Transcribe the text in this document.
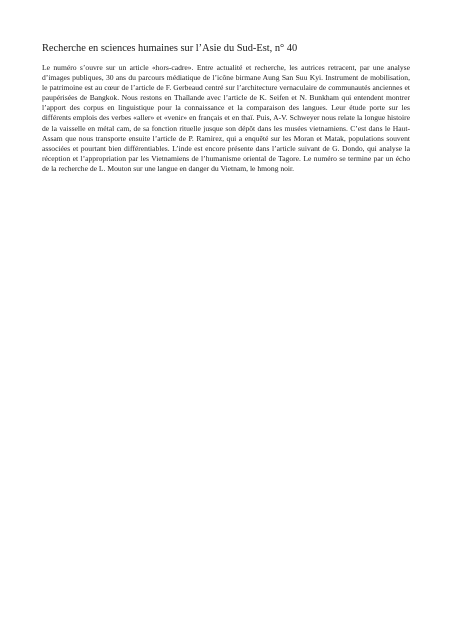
Recherche en sciences humaines sur l’Asie du Sud-Est, n° 40

Le numéro s’ouvre sur un article «hors-cadre». Entre actualité et recherche, les autrices retracent, par une analyse d’images publiques, 30 ans du parcours médiatique de l’icône birmane Aung San Suu Kyi. Instrument de mobilisation, le patrimoine est au cœur de l’article de F. Gerbeaud centré sur l’architecture vernaculaire de communautés anciennes et paupérisées de Bangkok. Nous restons en Thaïlande avec l’article de K. Seifen et N. Bunkham qui entendent montrer l’apport des corpus en linguistique pour la connaissance et la comparaison des langues. Leur étude porte sur les différents emplois des verbes «aller» et «venir» en français et en thaï. Puis, A-V. Schweyer nous relate la longue histoire de la vaisselle en métal cam, de sa fonction rituelle jusque son dépôt dans les musées vietnamiens. C’est dans le Haut-Assam que nous transporte ensuite l’article de P. Ramirez, qui a enquêté sur les Moran et Matak, populations souvent associées et pourtant bien différentiables. L’inde est encore présente dans l’article suivant de G. Dondo, qui analyse la réception et l’appropriation par les Vietnamiens de l’humanisme oriental de Tagore. Le numéro se termine par un écho de la recherche de L. Mouton sur une langue en danger du Vietnam, le hmong noir.
